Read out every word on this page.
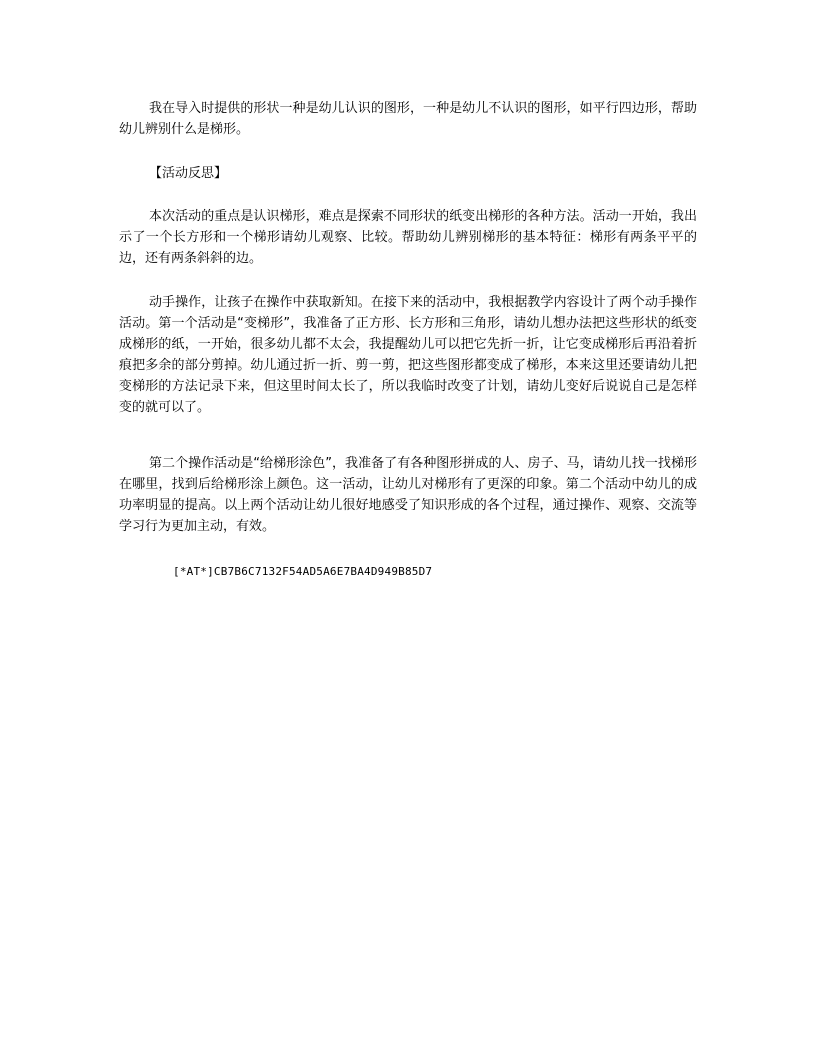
我在导入时提供的形状一种是幼儿认识的图形，一种是幼儿不认识的图形，如平行四边形，帮助幼儿辨别什么是梯形。

【活动反思】

本次活动的重点是认识梯形，难点是探索不同形状的纸变出梯形的各种方法。活动一开始，我出示了一个长方形和一个梯形请幼儿观察、比较。帮助幼儿辨别梯形的基本特征：梯形有两条平平的边，还有两条斜斜的边。

动手操作，让孩子在操作中获取新知。在接下来的活动中，我根据教学内容设计了两个动手操作活动。第一个活动是“变梯形”，我准备了正方形、长方形和三角形，请幼儿想办法把这些形状的纸变成梯形的纸，一开始，很多幼儿都不太会，我提醒幼儿可以把它先折一折，让它变成梯形后再沿着折痕把多余的部分剪掉。幼儿通过折一折、剪一剪，把这些图形都变成了梯形，本来这里还要请幼儿把变梯形的方法记录下来，但这里时间太长了，所以我临时改变了计划，请幼儿变好后说说自己是怎样变的就可以了。

第二个操作活动是“给梯形涂色”，我准备了有各种图形拼成的人、房子、马，请幼儿找一找梯形在哪里，找到后给梯形涂上颜色。这一活动，让幼儿对梯形有了更深的印象。第二个活动中幼儿的成功率明显的提高。以上两个活动让幼儿很好地感受了知识形成的各个过程，通过操作、观察、交流等学习行为更加主动，有效。

[*AT*]CB7B6C7132F54AD5A6E7BA4D949B85D7
